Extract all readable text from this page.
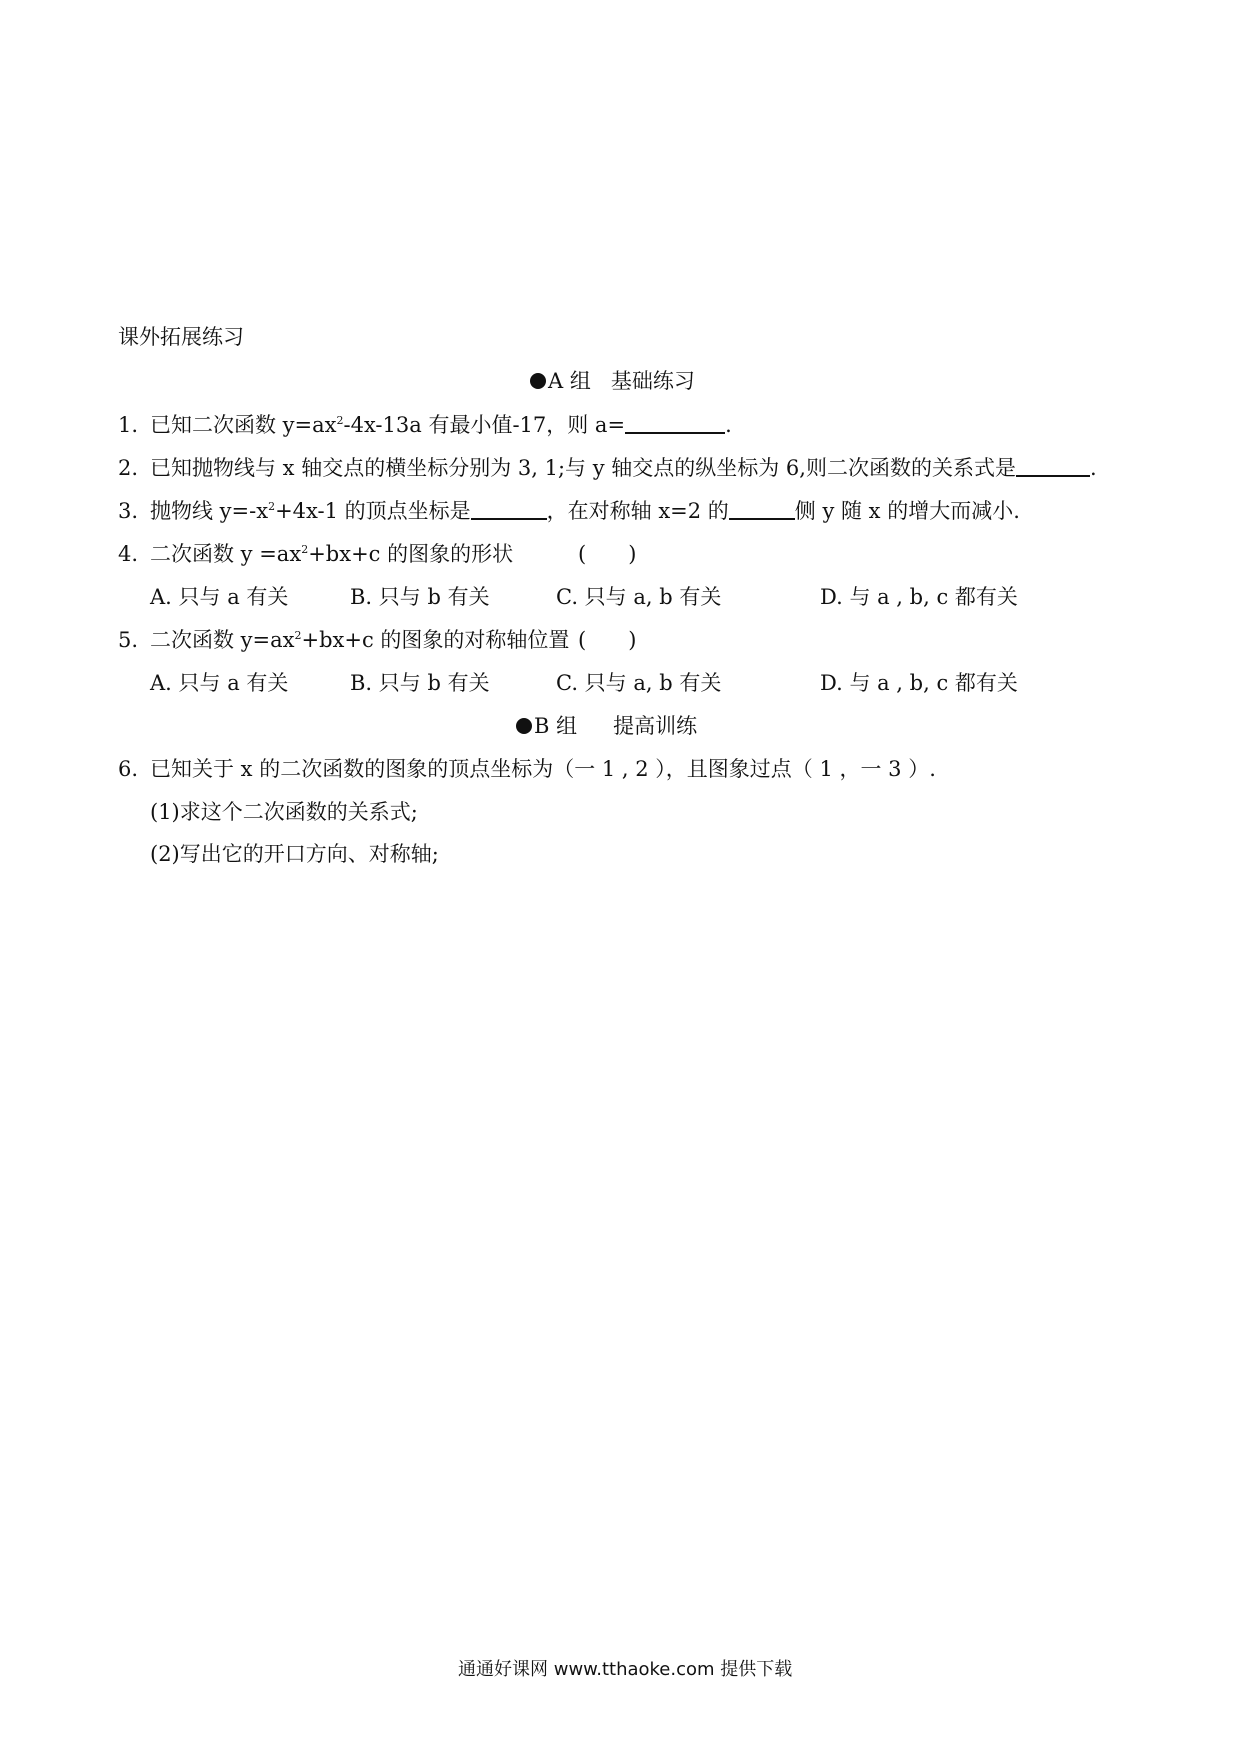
课外拓展练习
A 组 基础练习
1. 已知二次函数 $y=ax^2-4x-13a$ 有最小值-17，则 a=	.
2. 已知抛物线与 x 轴交点的横坐标分别为 3, 1;与 y 轴交点的纵坐标为 6,则二次函数的关系式是	.
3. 抛物线 $y=-x^2+4x-1$ 的顶点坐标是	，在对称轴 x=2 的	侧 y 随 x 的增大而减小.
4. 二次函数 $y =ax^2+bx+c$ 的图象的形状	(　　)
A. 只与 a 有关	B. 只与 b 有关	C. 只与 a, b 有关	D. 与 a , b, c 都有关
5. 二次函数 $y=ax^2+bx+c$ 的图象的对称轴位置 (　　)
A. 只与 a 有关	B. 只与 b 有关	C. 只与 a, b 有关	D. 与 a , b, c 都有关
B 组 提高训练
6. 已知关于 x 的二次函数的图象的顶点坐标为（一 1 , 2 ），且图象过点（ 1 ，一 3 ）.
(1)求这个二次函数的关系式;
(2)写出它的开口方向、对称轴;
通通好课网 www.tthaoke.com 提供下载
